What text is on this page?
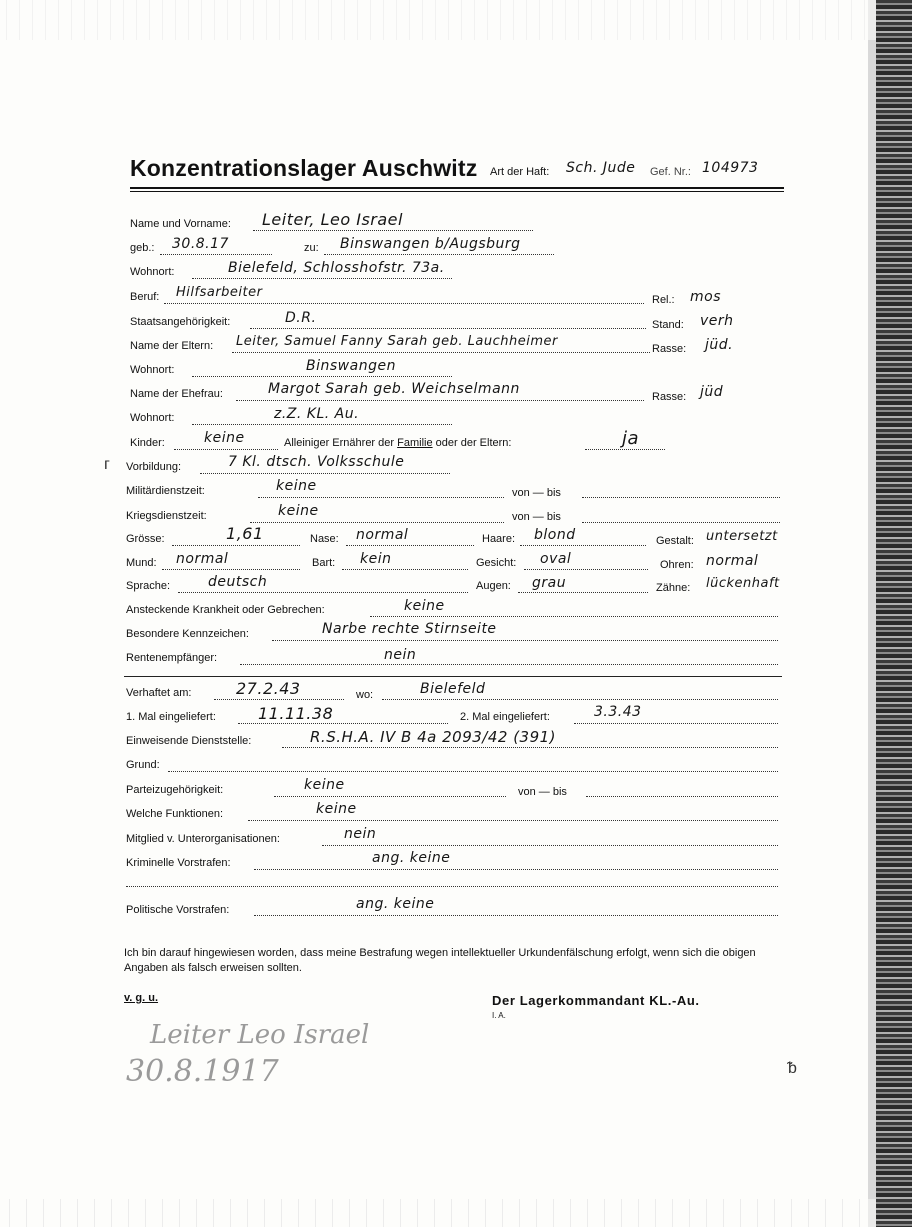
Konzentrationslager Auschwitz Art der Haft: Sch. Jude Gef. Nr.: 104973
Name und Vorname: Leiter, Leo Israel
geb.: 30.8.17	zu: Binswangen b/Augsburg
Wohnort:	Bielefeld, Schlosshofstr. 73a.
Beruf: Hilfsarbeiter	Rel.: mos
Staatsangehörigkeit:	D.R.	Stand: verh
Name der Eltern: Leiter, Samuel Fanny Sarah geb. Lauchheimer	Rasse: jüd.
Wohnort:	Binswangen
Name der Ehefrau:	Margot Sarah geb. Weichselmann	Rasse: jüd
Wohnort:	z.Z. KL. Au.
Kinder:	keine	Alleiniger Ernährer der Familie oder der Eltern:	ja
ᴦ Vorbildung:	7 Kl. dtsch. Volksschule
Militärdienstzeit:	keine	von — bis
Kriegsdienstzeit:	keine	von — bis
Grösse:	1,61	Nase: normal	Haare: blond	Gestalt: untersetzt
Mund: normal	Bart: kein	Gesicht: oval	Ohren: normal
Sprache:	deutsch	Augen: grau	Zähne: lückenhaft
Ansteckende Krankheit oder Gebrechen:	keine
Besondere Kennzeichen:	Narbe rechte Stirnseite
Rentenempfänger:	nein
Verhaftet am:	27.2.43	wo:	Bielefeld
1. Mal eingeliefert:	11.11.38	2. Mal eingeliefert:	3.3.43
Einweisende Dienststelle:	R.S.H.A. IV B 4a 2093/42 (391)
Grund:
Parteizugehörigkeit:	keine	von — bis
Welche Funktionen:	keine
Mitglied v. Unterorganisationen:	nein
Kriminelle Vorstrafen:	ang. keine
Politische Vorstrafen:	ang. keine
Ich bin darauf hingewiesen worden, dass meine Bestrafung wegen intellektueller Urkundenfälschung erfolgt, wenn sich die obigen Angaben als falsch erweisen sollten.
v. g. u.	Der Lagerkommandant KL.-Au.
I. A.
Leiter Leo Israel
30.8.1917	ᵬ
